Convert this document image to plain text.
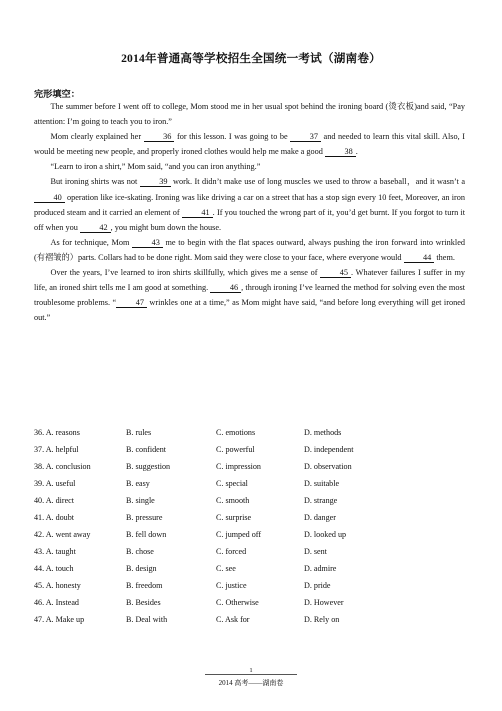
2014年普通高等学校招生全国统一考试（湖南卷）
完形填空：

The summer before I went off to college, Mom stood me in her usual spot behind the ironing board (烫衣板)and said, “Pay attention: I’m going to teach you to iron.”

Mom clearly explained her 36 for this lesson. I was going to be 37 and needed to learn this vital skill. Also, I would be meeting new people, and properly ironed clothes would help me make a good 38 .

“Learn to iron a shirt,” Mom said, “and you can iron anything.”

But ironing shirts was not 39 work. It didn’t make use of long muscles we used to throw a baseball，and it wasn’t a 40 operation like ice-skating. Ironing was like driving a car on a street that has a stop sign every 10 feet, Moreover, an iron produced steam and it carried an element of 41 . If you touched the wrong part of it, you’d get burnt. If you forgot to turn it off when you 42 , you might bum down the house.

As for technique, Mom 43 me to begin with the flat spaces outward, always pushing the iron forward into wrinkled (有褶皱的）parts. Collars had to be done right. Mom said they were close to your face, where everyone would 44 them.

Over the years, I’ve learned to iron shirts skillfully, which gives me a sense of 45 . Whatever failures I suffer in my life, an ironed shirt tells me I am good at something. 46 , through ironing I’ve learned the method for solving even the most troublesome problems. “ 47 wrinkles one at a time,” as Mom might have said, “and before long everything will get ironed out.”

36. A. reasons	B. rules	C. emotions	D. methods
37. A. helpful	B. confident	C. powerful	D. independent
38. A. conclusion	B. suggestion	C. impression	D. observation
39. A. useful	B. easy	C. special	D. suitable
40. A. direct	B. single	C. smooth	D. strange
41. A. doubt	B. pressure	C. surprise	D. danger
42. A. went away	B. fell down	C. jumped off	D. looked up
43. A. taught	B. chose	C. forced	D. sent
44. A. touch	B. design	C. see	D. admire
45. A. honesty	B. freedom	C. justice	D. pride
46. A. Instead	B. Besides	C. Otherwise	D. However
47. A. Make up	B. Deal with	C. Ask for	D. Rely on
1
2014 高考——湖南卷
